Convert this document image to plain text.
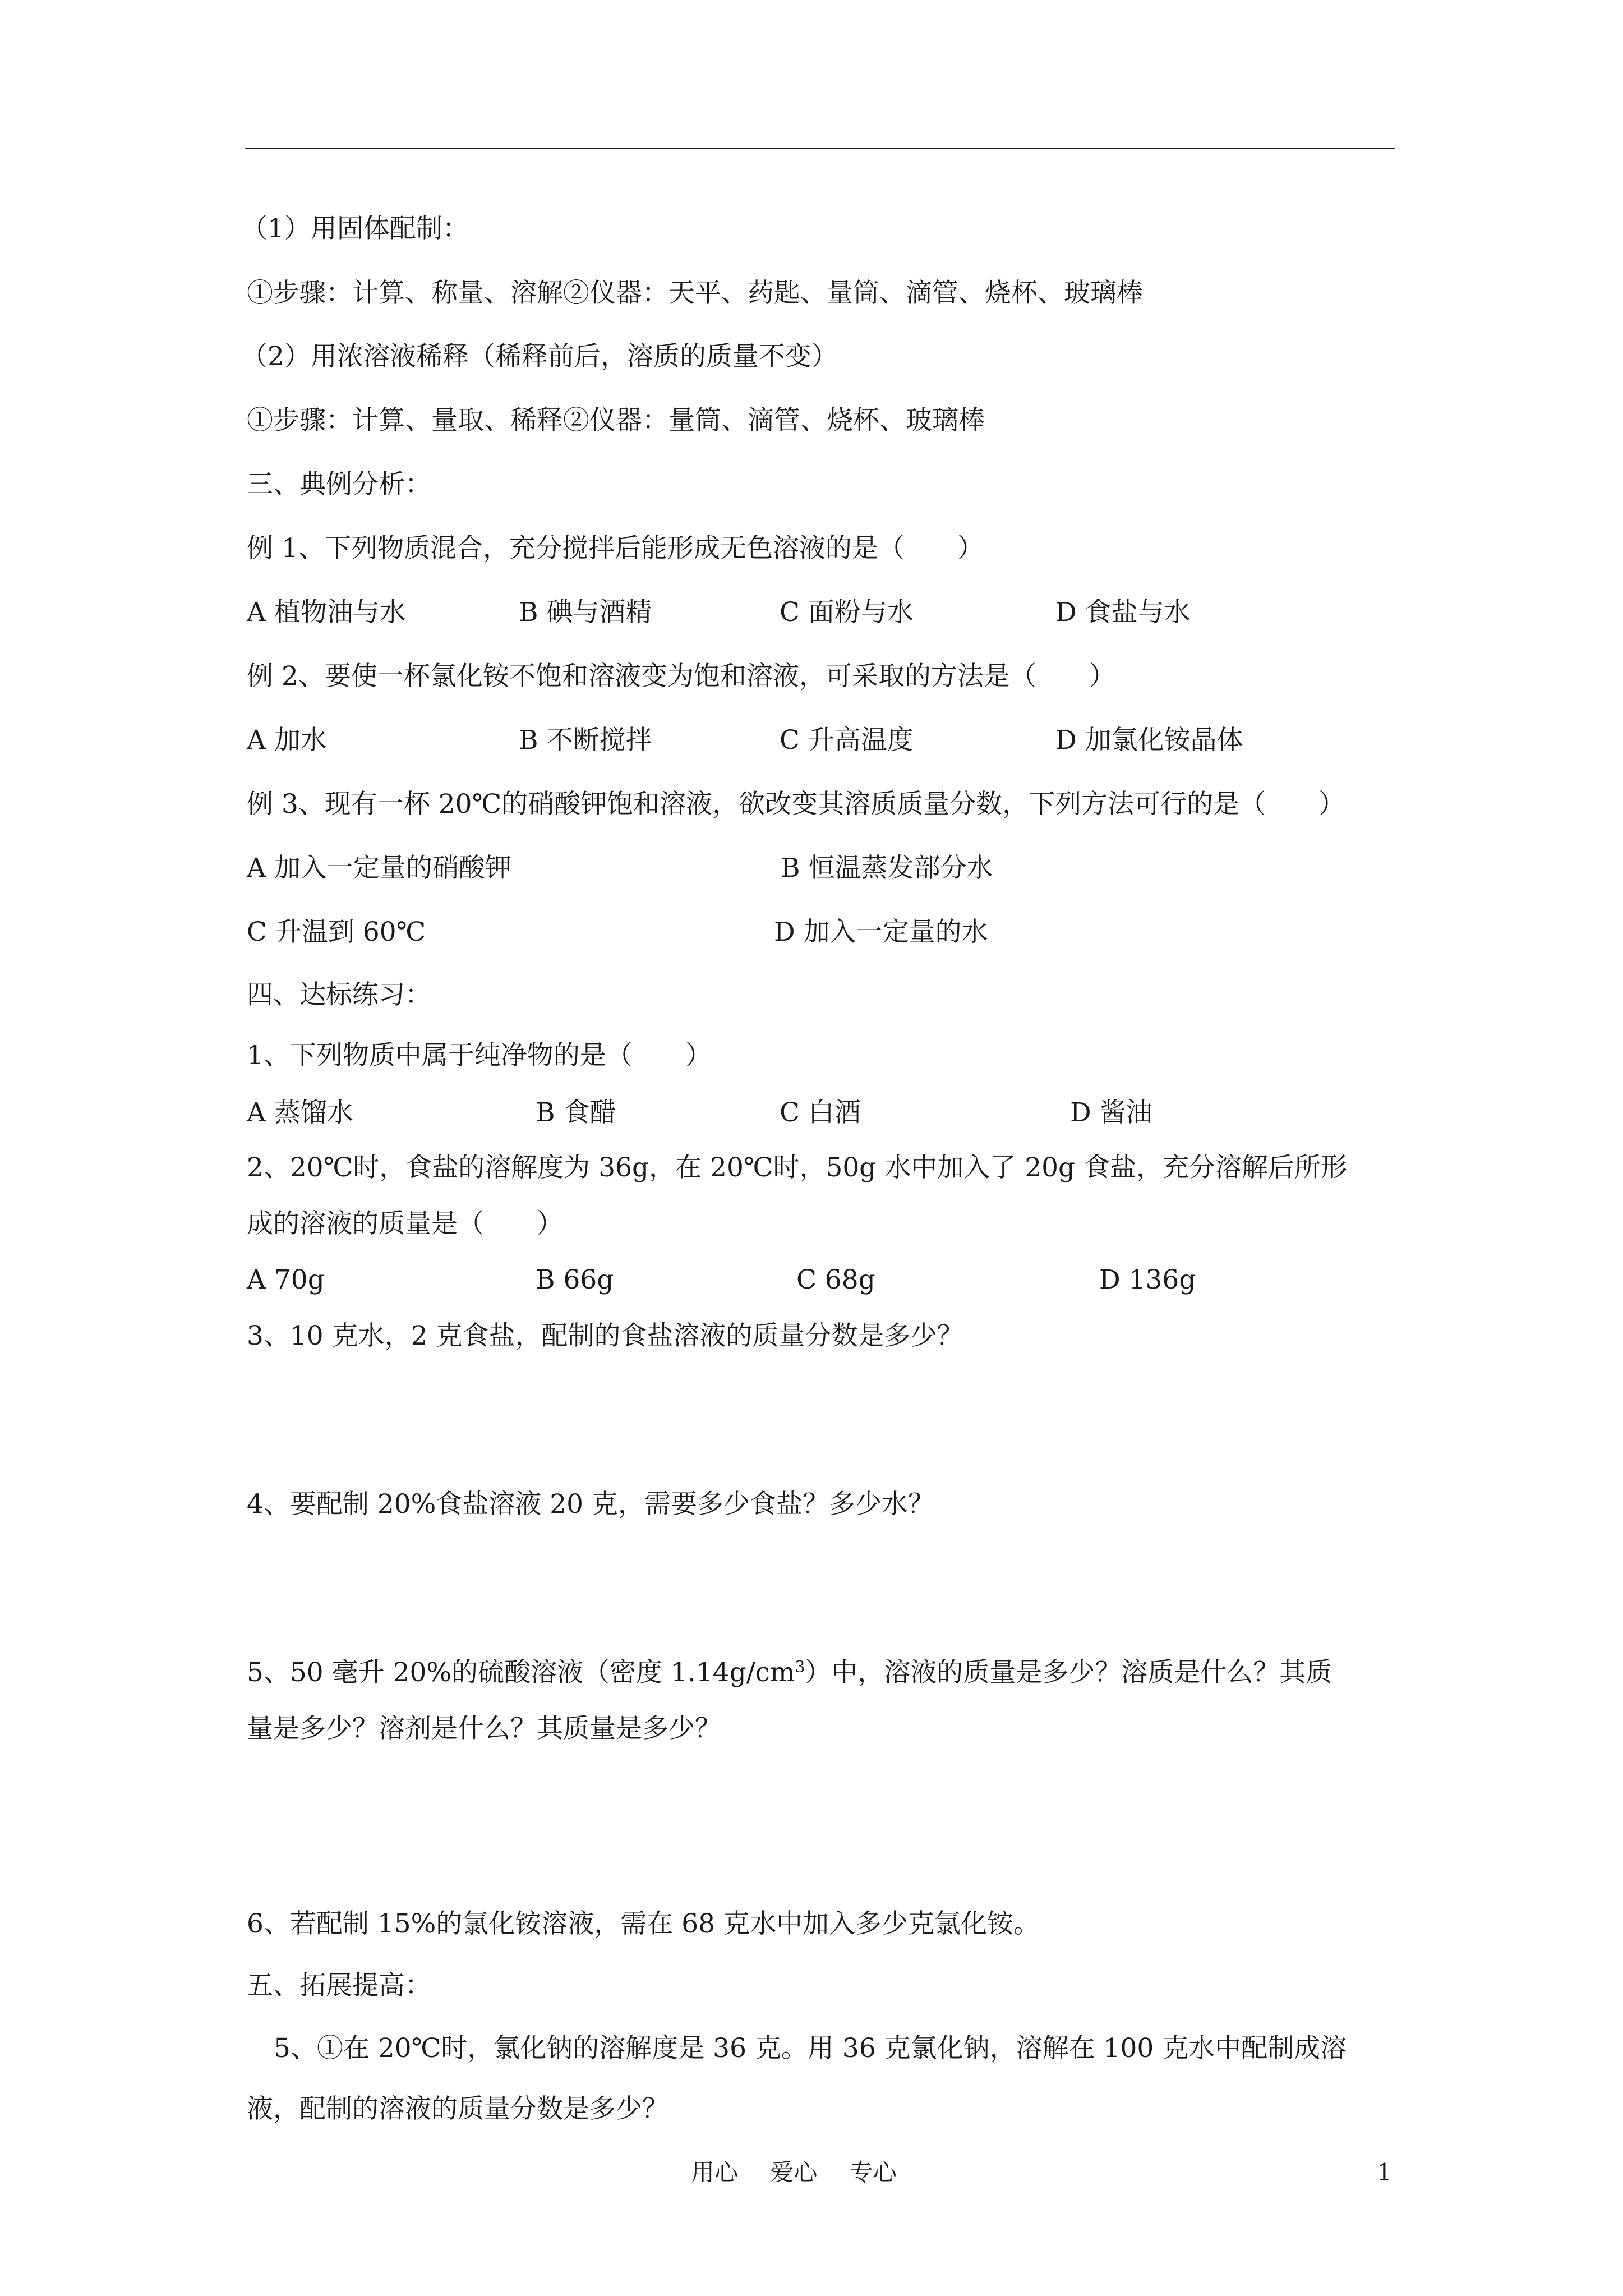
（1）用固体配制：
①步骤：计算、称量、溶解②仪器：天平、药匙、量筒、滴管、烧杯、玻璃棒
（2）用浓溶液稀释（稀释前后，溶质的质量不变）
①步骤：计算、量取、稀释②仪器：量筒、滴管、烧杯、玻璃棒
三、典例分析：
例 1、下列物质混合，充分搅拌后能形成无色溶液的是（　　）
A 植物油与水	B 碘与酒精	C 面粉与水	D 食盐与水
例 2、要使一杯氯化铵不饱和溶液变为饱和溶液，可采取的方法是（　　）
A 加水	B 不断搅拌	C 升高温度	D 加氯化铵晶体
例 3、现有一杯 20℃的硝酸钾饱和溶液，欲改变其溶质质量分数，下列方法可行的是（　　）
A 加入一定量的硝酸钾	B 恒温蒸发部分水
C 升温到 60℃	D 加入一定量的水
四、达标练习：
1、下列物质中属于纯净物的是（　　）
A 蒸馏水	B 食醋	C 白酒	D 酱油
2、20℃时，食盐的溶解度为 36g，在 20℃时，50g 水中加入了 20g 食盐，充分溶解后所形
成的溶液的质量是（　　）
A 70g	B 66g	C 68g	D 136g
3、10 克水，2 克食盐，配制的食盐溶液的质量分数是多少？
4、要配制 20%食盐溶液 20 克，需要多少食盐？多少水？
5、50 毫升 20%的硫酸溶液（密度 $1.14g/cm^3$）中，溶液的质量是多少？溶质是什么？其质
量是多少？溶剂是什么？其质量是多少？
6、若配制 15%的氯化铵溶液，需在 68 克水中加入多少克氯化铵。
五、拓展提高：
5、①在 20℃时，氯化钠的溶解度是 36 克。用 36 克氯化钠，溶解在 100 克水中配制成溶
液，配制的溶液的质量分数是多少？
用心 爱心 专心	1
